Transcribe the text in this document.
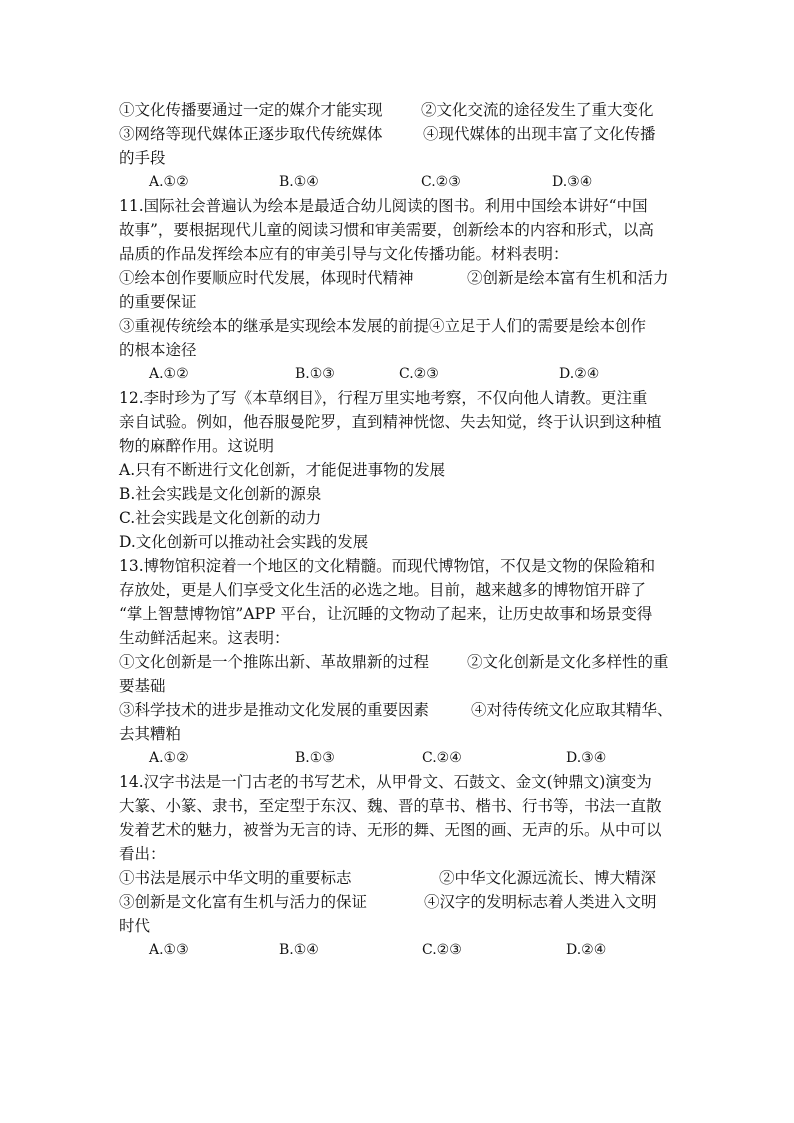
①文化传播要通过一定的媒介才能实现 ②文化交流的途径发生了重大变化
③网络等现代媒体正逐步取代传统媒体	④现代媒体的出现丰富了文化传播
的手段
A.①②	B.①④	C.②③	D.③④
11.国际社会普遍认为绘本是最适合幼儿阅读的图书。利用中国绘本讲好“中国
故事”，要根据现代儿童的阅读习惯和审美需要，创新绘本的内容和形式，以高
品质的作品发挥绘本应有的审美引导与文化传播功能。材料表明：
①绘本创作要顺应时代发展，体现时代精神	②创新是绘本富有生机和活力
的重要保证
③重视传统绘本的继承是实现绘本发展的前提④立足于人们的需要是绘本创作
的根本途径
A.①②	B.①③	C.②③	D.②④
12.李时珍为了写《本草纲目》，行程万里实地考察，不仅向他人请教。更注重
亲自试验。例如，他吞服曼陀罗，直到精神恍惚、失去知觉，终于认识到这种植
物的麻醉作用。这说明
A.只有不断进行文化创新，才能促进事物的发展
B.社会实践是文化创新的源泉
C.社会实践是文化创新的动力
D.文化创新可以推动社会实践的发展
13.博物馆积淀着一个地区的文化精髓。而现代博物馆，不仅是文物的保险箱和
存放处，更是人们享受文化生活的必选之地。目前，越来越多的博物馆开辟了
“掌上智慧博物馆”APP 平台，让沉睡的文物动了起来，让历史故事和场景变得
生动鲜活起来。这表明：
①文化创新是一个推陈出新、革故鼎新的过程 ②文化创新是文化多样性的重
要基础
③科学技术的进步是推动文化发展的重要因素	④对待传统文化应取其精华、
去其糟粕
A.①②	B.①③	C.②④	D.③④
14.汉字书法是一门古老的书写艺术，从甲骨文、石鼓文、金文(钟鼎文)演变为
大篆、小篆、隶书，至定型于东汉、魏、晋的草书、楷书、行书等，书法一直散
发着艺术的魅力，被誉为无言的诗、无形的舞、无图的画、无声的乐。从中可以
看出：
①书法是展示中华文明的重要标志	②中华文化源远流长、博大精深
③创新是文化富有生机与活力的保证	④汉字的发明标志着人类进入文明
时代
A.①③	B.①④	C.②③	D.②④
